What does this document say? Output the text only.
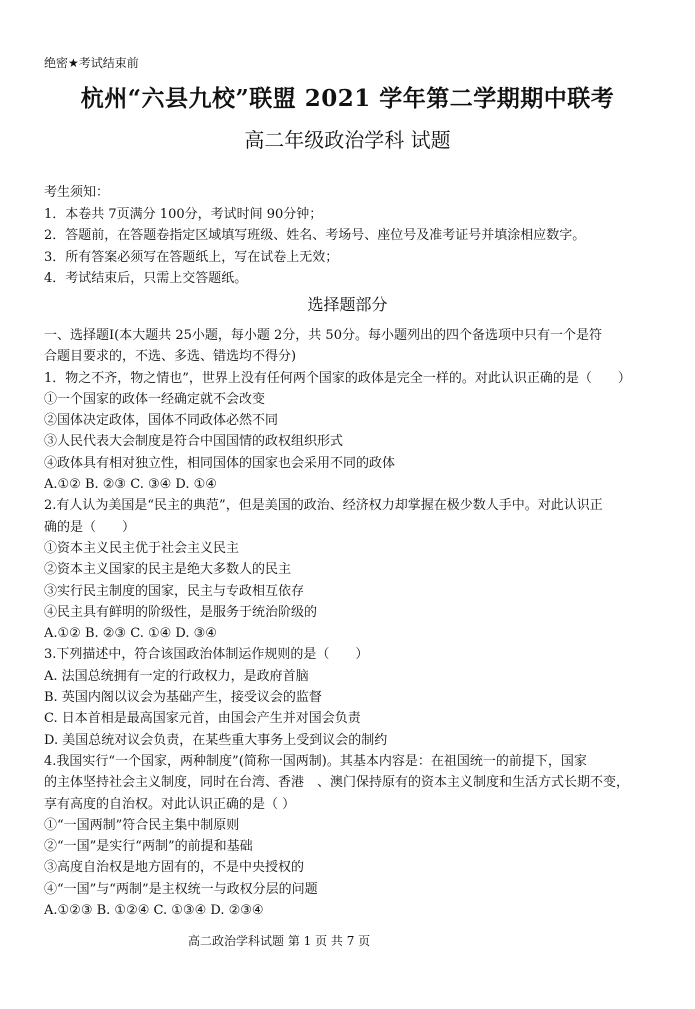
绝密★考试结束前
杭州“六县九校”联盟 2021 学年第二学期期中联考
高二年级政治学科 试题
考生须知：
1．本卷共 7页满分 100分，考试时间 90分钟；
2．答题前，在答题卷指定区域填写班级、姓名、考场号、座位号及准考证号并填涂相应数字。
3．所有答案必须写在答题纸上，写在试卷上无效；
4．考试结束后，只需上交答题纸。
选择题部分
一、选择题Ⅰ(本大题共 25小题，每小题 2分，共 50分。每小题列出的四个备选项中只有一个是符
合题目要求的，不选、多选、错选均不得分)
1．物之不齐，物之情也”，世界上没有任何两个国家的政体是完全一样的。对此认识正确的是（　　）
①一个国家的政体一经确定就不会改变
②国体决定政体，国体不同政体必然不同
③人民代表大会制度是符合中国国情的政权组织形式
④政体具有相对独立性，相同国体的国家也会采用不同的政体
A.①② B. ②③ C. ③④ D. ①④
2.有人认为美国是“民主的典范”，但是美国的政治、经济权力却掌握在极少数人手中。对此认识正
确的是（　　）
①资本主义民主优于社会主义民主
②资本主义国家的民主是绝大多数人的民主
③实行民主制度的国家，民主与专政相互依存
④民主具有鲜明的阶级性，是服务于统治阶级的
A.①② B. ②③ C. ①④ D. ③④
3.下列描述中，符合该国政治体制运作规则的是（　　）
A. 法国总统拥有一定的行政权力，是政府首脑
B. 英国内阁以议会为基础产生，接受议会的监督
C. 日本首相是最高国家元首，由国会产生并对国会负责
D. 美国总统对议会负责，在某些重大事务上受到议会的制约
4.我国实行“一个国家，两种制度”(简称一国两制)。其基本内容是：在祖国统一的前提下，国家
的主体坚持社会主义制度，同时在台湾、香港　、澳门保持原有的资本主义制度和生活方式长期不变，
享有高度的自治权。对此认识正确的是（ ）
①“一国两制”符合民主集中制原则
②“一国”是实行“两制”的前提和基础
③高度自治权是地方固有的，不是中央授权的
④“一国”与“两制”是主权统一与政权分层的问题
A.①②③ B. ①②④ C. ①③④ D. ②③④
高二政治学科试题 第 1 页 共 7 页
